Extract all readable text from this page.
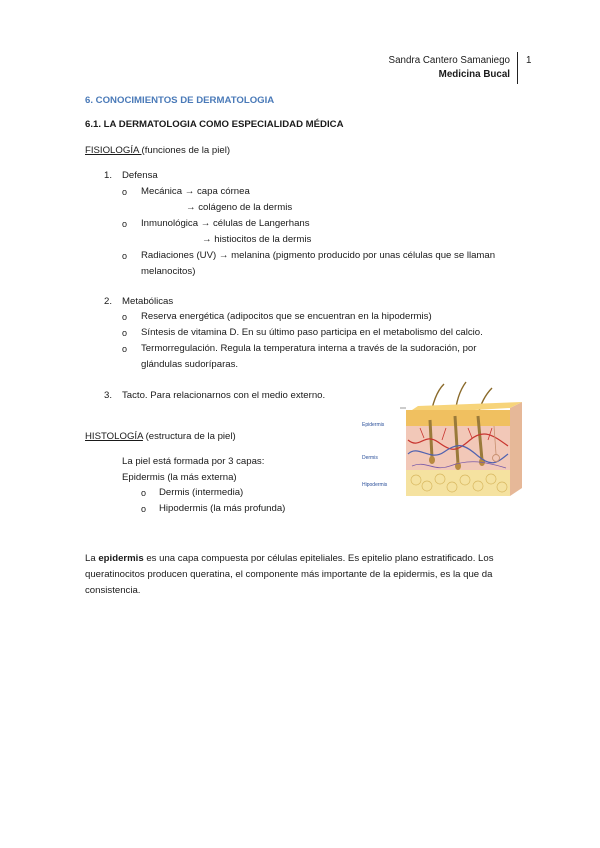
Sandra Cantero Samaniego
Medicina Bucal
1
6. CONOCIMIENTOS DE DERMATOLOGIA
6.1. LA DERMATOLOGIA COMO ESPECIALIDAD MÉDICA
FISIOLOGÍA (funciones de la piel)
1. Defensa
o Mecánica → capa córnea
→ colágeno de la dermis
o Inmunológica → células de Langerhans
→ histiocitos de la dermis
o Radiaciones (UV) → melanina (pigmento producido por unas células que se llaman
melanocitos)
2. Metabólicas
o Reserva energética (adipocitos que se encuentran en la hipodermis)
o Síntesis de vitamina D. En su último paso participa en el metabolismo del calcio.
o Termorregulación. Regula la temperatura interna a través de la sudoración, por
glándulas sudoríparas.
3. Tacto. Para relacionarnos con el medio externo.
HISTOLOGÍA (estructura de la piel)
La piel está formada por 3 capas:
Epidermis (la más externa)
o Dermis (intermedia)
o Hipodermis (la más profunda)
Epidermis
Dermis
Hipodermis
La epidermis es una capa compuesta por células epiteliales. Es epitelio plano estratificado. Los queratinocitos producen queratina, el componente más importante de la epidermis, es la que da consistencia.
